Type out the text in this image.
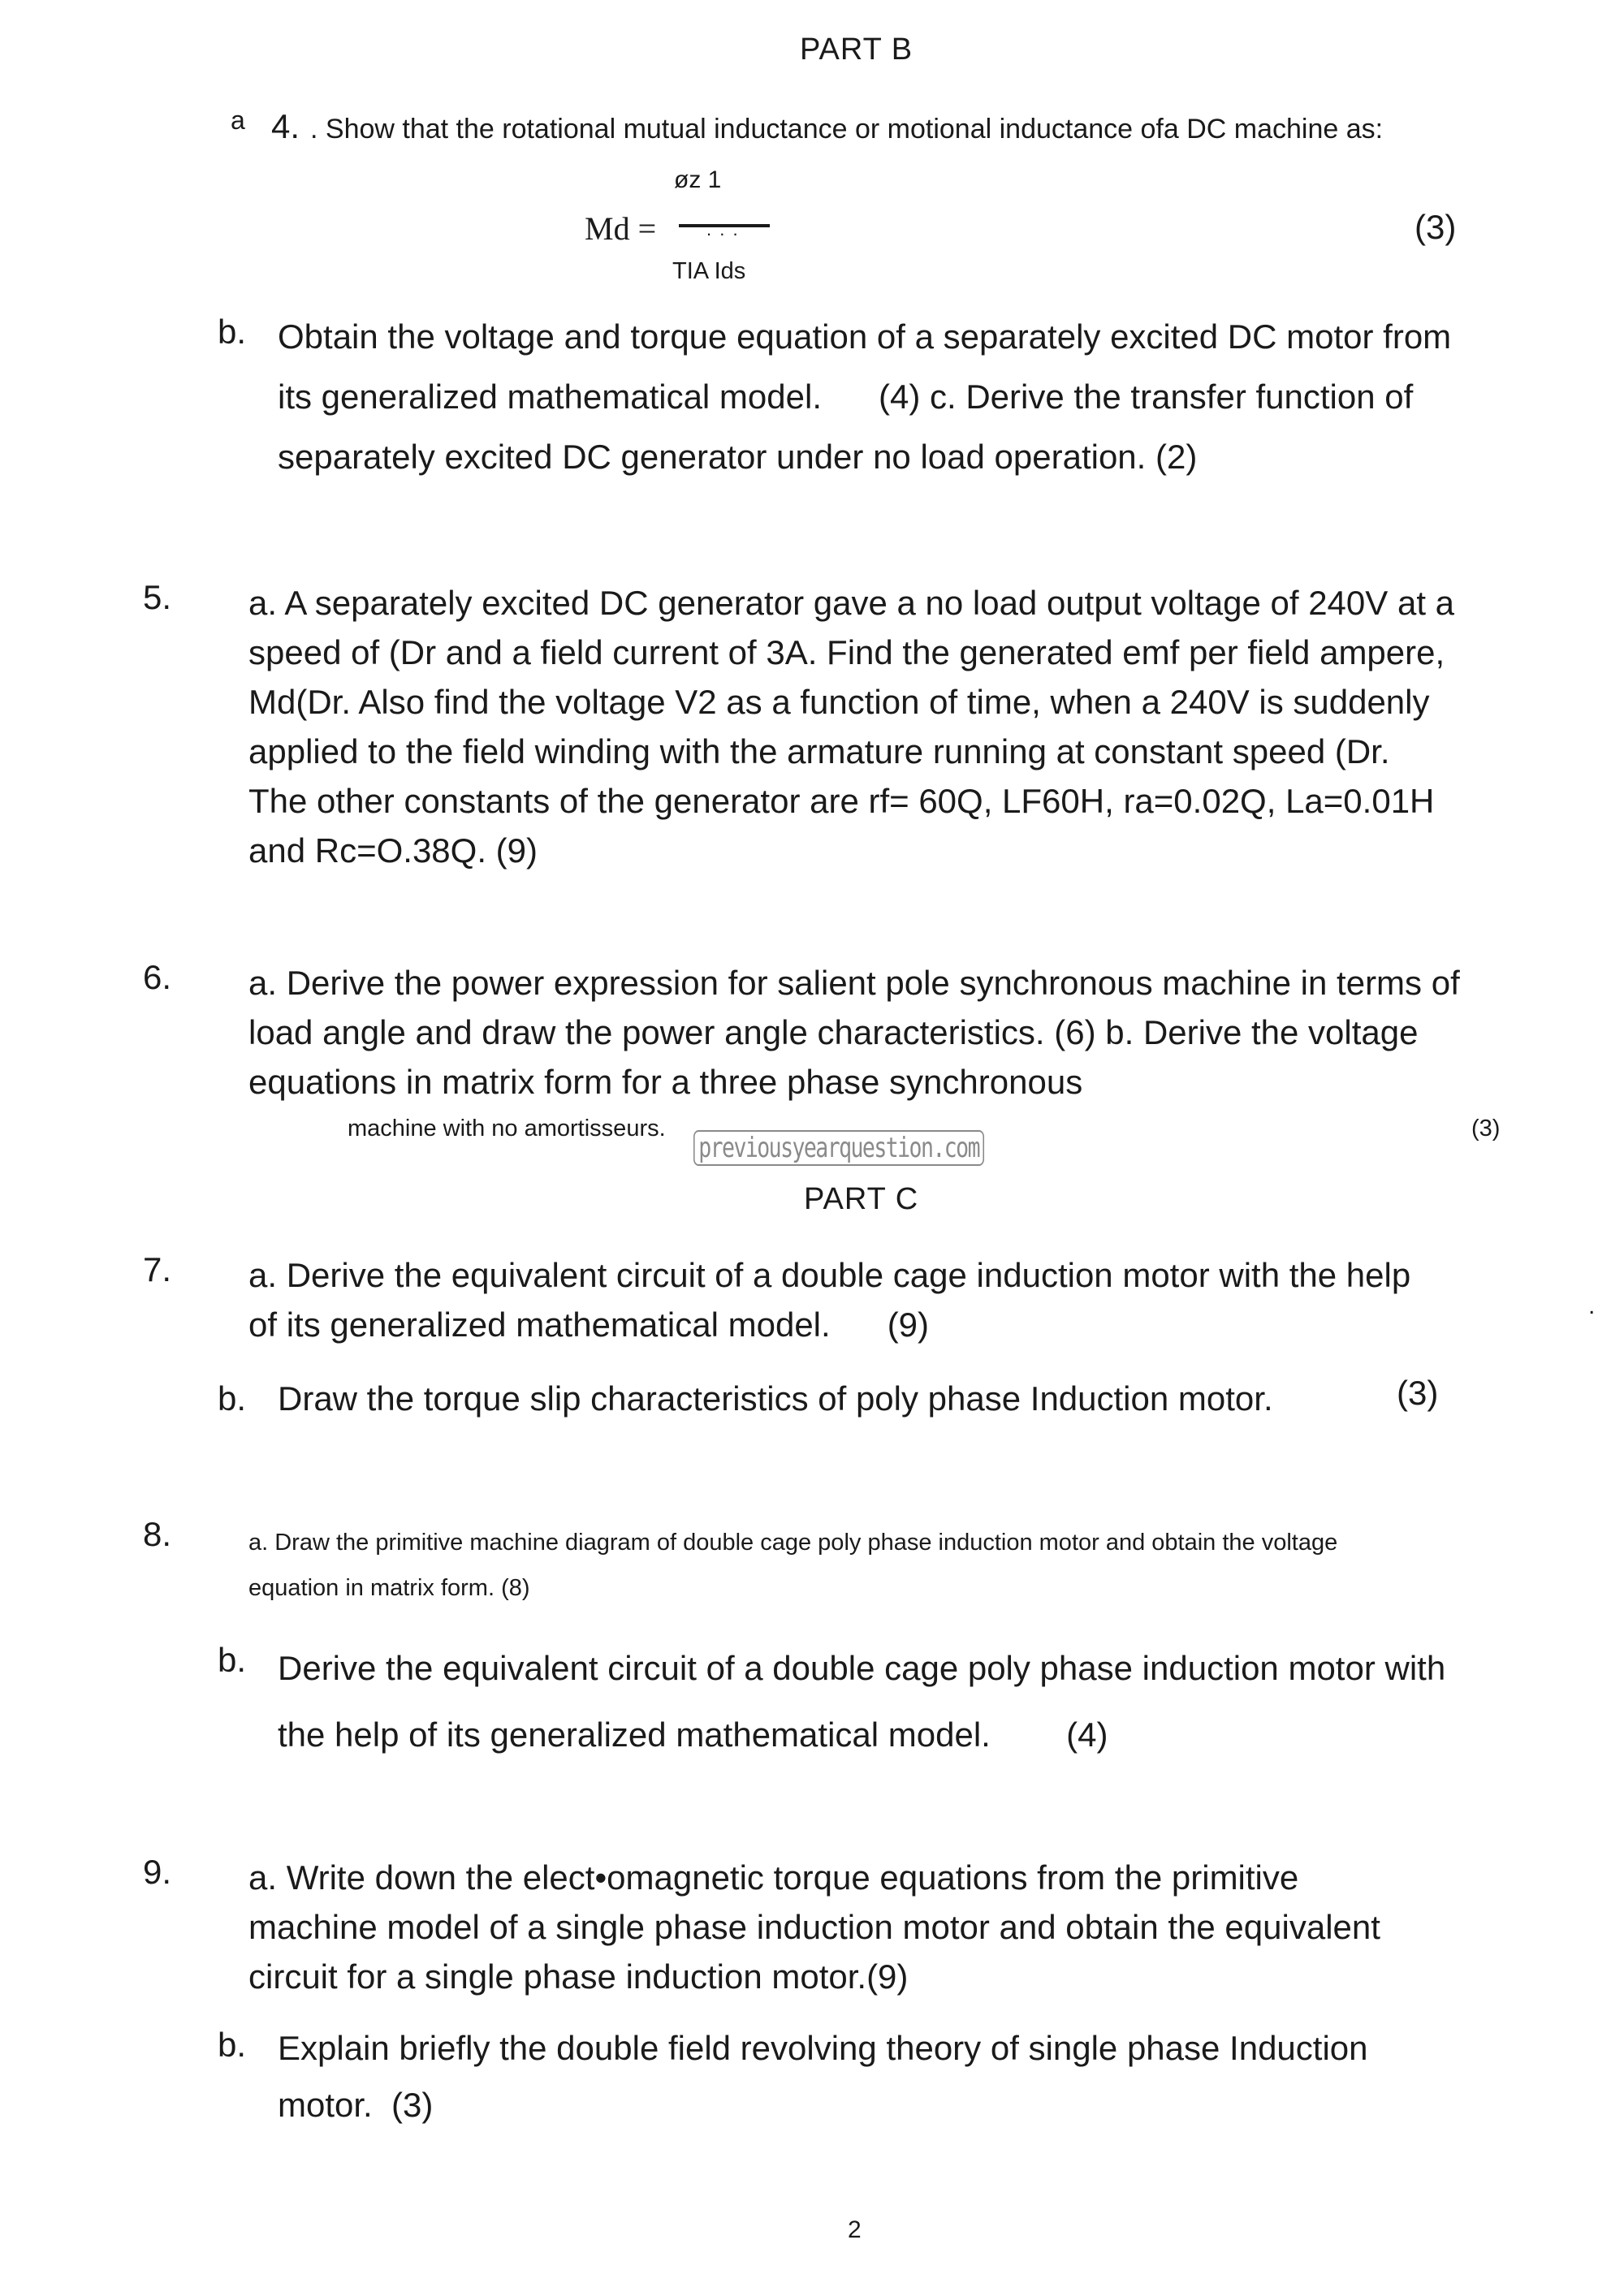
PART B
a 4. . Show that the rotational mutual inductance or motional inductance ofa DC machine as:
Md =
øz 1
. . .
TIA Ids
(3)
b. Obtain the voltage and torque equation of a separately excited DC motor from
its generalized mathematical model.      (4) c. Derive the transfer function of
separately excited DC generator under no load operation. (2)
5. a. A separately excited DC generator gave a no load output voltage of 240V at a
speed of (Dr and a field current of 3A. Find the generated emf per field ampere,
Md(Dr. Also find the voltage V2 as a function of time, when a 240V is suddenly
applied to the field winding with the armature running at constant speed (Dr.
The other constants of the generator are rf= 60Q, LF60H, ra=0.02Q, La=0.01H
and Rc=O.38Q. (9)
6. a. Derive the power expression for salient pole synchronous machine in terms of
load angle and draw the power angle characteristics. (6) b. Derive the voltage
equations in matrix form for a three phase synchronous
machine with no amortisseurs.
previousyearquestion.com
(3)
PART C
7. a. Derive the equivalent circuit of a double cage induction motor with the help
of its generalized mathematical model.      (9)
b. Draw the torque slip characteristics of poly phase Induction motor.	(3)
.
8.	a. Draw the primitive machine diagram of double cage poly phase induction motor and obtain the voltage
equation in matrix form. (8)
b. Derive the equivalent circuit of a double cage poly phase induction motor with
the help of its generalized mathematical model.        (4)
9. a. Write down the elect•omagnetic torque equations from the primitive
machine model of a single phase induction motor and obtain the equivalent
circuit for a single phase induction motor.(9)
b. Explain briefly the double field revolving theory of single phase Induction
motor.  (3)
2
